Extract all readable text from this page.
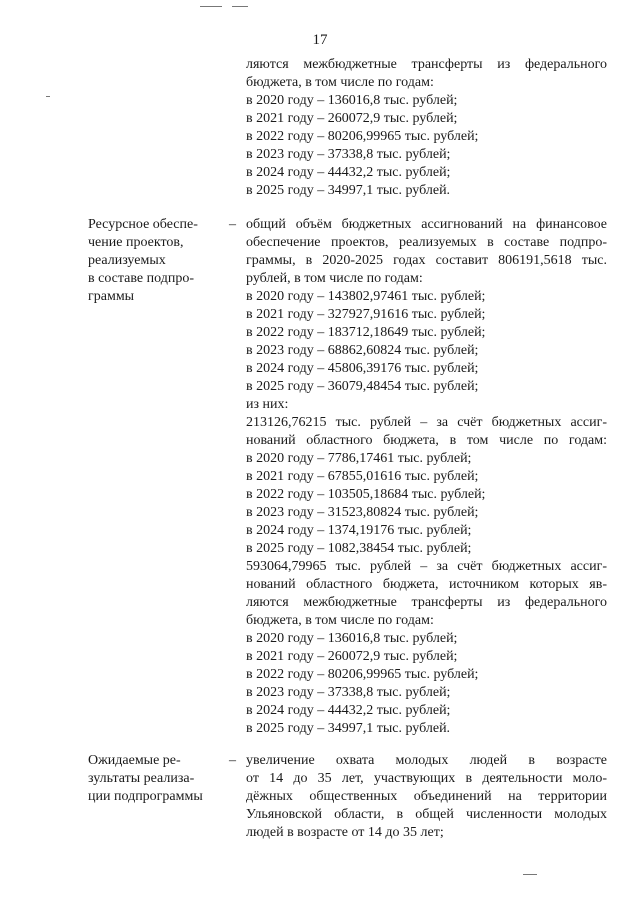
17
ляются межбюджетные трансферты из федерального
бюджета, в том числе по годам:
в 2020 году – 136016,8 тыс. рублей;
в 2021 году – 260072,9 тыс. рублей;
в 2022 году – 80206,99965 тыс. рублей;
в 2023 году – 37338,8 тыс. рублей;
в 2024 году – 44432,2 тыс. рублей;
в 2025 году – 34997,1 тыс. рублей.
Ресурсное обеспе-
чение проектов,
реализуемых
в составе подпро-
граммы
– общий объём бюджетных ассигнований на финансовое
обеспечение проектов, реализуемых в составе подпро-
граммы, в 2020-2025 годах составит 806191,5618 тыс.
рублей, в том числе по годам:
в 2020 году – 143802,97461 тыс. рублей;
в 2021 году – 327927,91616 тыс. рублей;
в 2022 году – 183712,18649 тыс. рублей;
в 2023 году – 68862,60824 тыс. рублей;
в 2024 году – 45806,39176 тыс. рублей;
в 2025 году – 36079,48454 тыс. рублей;
из них:
213126,76215 тыс. рублей – за счёт бюджетных ассиг-
нований областного бюджета, в том числе по годам:
в 2020 году – 7786,17461 тыс. рублей;
в 2021 году – 67855,01616 тыс. рублей;
в 2022 году – 103505,18684 тыс. рублей;
в 2023 году – 31523,80824 тыс. рублей;
в 2024 году – 1374,19176 тыс. рублей;
в 2025 году – 1082,38454 тыс. рублей;
593064,79965 тыс. рублей – за счёт бюджетных ассиг-
нований областного бюджета, источником которых яв-
ляются межбюджетные трансферты из федерального
бюджета, в том числе по годам:
в 2020 году – 136016,8 тыс. рублей;
в 2021 году – 260072,9 тыс. рублей;
в 2022 году – 80206,99965 тыс. рублей;
в 2023 году – 37338,8 тыс. рублей;
в 2024 году – 44432,2 тыс. рублей;
в 2025 году – 34997,1 тыс. рублей.
Ожидаемые ре-
зультаты реализа-
ции подпрограммы
– увеличение охвата молодых людей в возрасте
от 14 до 35 лет, участвующих в деятельности моло-
дёжных общественных объединений на территории
Ульяновской области, в общей численности молодых
людей в возрасте от 14 до 35 лет;
